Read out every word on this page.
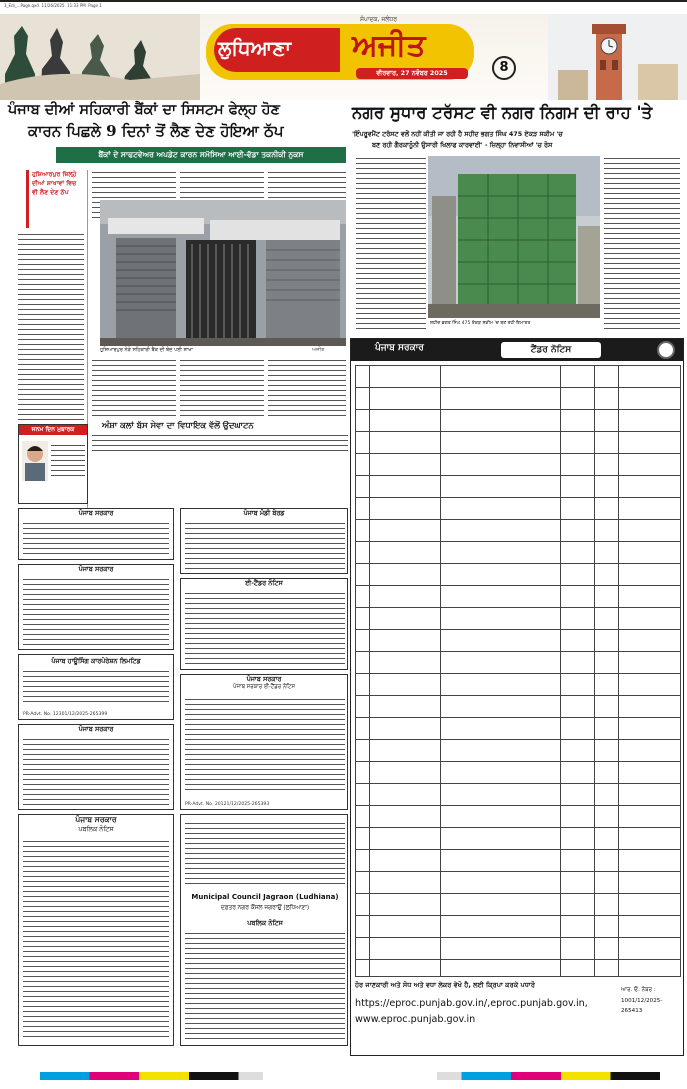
3_Edi_...Page.qxd  11/26/2025  11:33 PM  Page 1
ਲੁਧਿਆਣਾ ਅਜੀਤ
ਸੰਪਾਦਕ, ਜਲੰਧਰ
ਵੀਰਵਾਰ, 27 ਨਵੰਬਰ 2025	8
ਪੰਜਾਬ ਦੀਆਂ ਸਹਿਕਾਰੀ ਬੈਂਕਾਂ ਦਾ ਸਿਸਟਮ ਫੇਲ੍ਹ ਹੋਣ
ਕਾਰਨ ਪਿਛਲੇ 9 ਦਿਨਾਂ ਤੋਂ ਲੈਣ ਦੇਣ ਹੋਇਆ ਠੱਪ
ਬੈਂਕਾਂ ਦੇ ਸਾਫਟਵੇਅਰ ਅਪਡੇਟ ਕਾਰਨ ਸਮੱਸਿਆ ਆਈ-ਵੱਡਾ ਤਕਨੀਕੀ ਨੁਕਸ
ਹੁਸ਼ਿਆਰਪੁਰ ਜ਼ਿਲ੍ਹੇ ਦੀਆਂ ਸ਼ਾਖਾਵਾਂ ਵਿਚ ਵੀ ਲੈਣ ਦੇਣ ਠੱਪ
ਹੁਸ਼ਿਆਰਪੁਰ ਨੇੜੇ ਸਹਿਕਾਰੀ ਬੈਂਕ ਦੀ ਬੰਦ ਪਈ ਸ਼ਾਖਾ	ਅਜੀਤ
ਅੰਸ਼ਾ ਕਲਾਂ ਬੱਸ ਸੇਵਾ ਦਾ ਵਿਧਾਇਕ ਵੱਲੋਂ ਉਦਘਾਟਨ
ਜਨਮ ਦਿਨ ਮੁਬਾਰਕ
ਪੰਜਾਬ ਸਰਕਾਰ
ਪੰਜਾਬ ਸਰਕਾਰ
ਪੰਜਾਬ ਹਾਊਸਿੰਗ ਕਾਰਪੋਰੇਸ਼ਨ ਲਿਮਟਿਡ
PR-Advt. No. 12301/12/2025-265399
ਪੰਜਾਬ ਸਰਕਾਰ
ਪੰਜਾਬ ਸਰਕਾਰ
ਪਬਲਿਕ ਨੋਟਿਸ
ਪੰਜਾਬ ਮੰਡੀ ਬੋਰਡ
ਈ-ਟੈਂਡਰ ਨੋਟਿਸ
ਪੰਜਾਬ ਸਰਕਾਰ
ਪੰਜਾਬ ਸਰਕਾਰ ਈ-ਟੈਂਡਰ ਨੋਟਿਸ
PR-Advt. No. 20121/12/2025-265393
Municipal Council Jagraon (Ludhiana)
ਦਫ਼ਤਰ ਨਗਰ ਕੌਂਸਲ ਜਗਰਾਉਂ (ਲੁਧਿਆਣਾ)
ਪਬਲਿਕ ਨੋਟਿਸ
ਨਗਰ ਸੁਧਾਰ ਟਰੱਸਟ ਵੀ ਨਗਰ ਨਿਗਮ ਦੀ ਰਾਹ 'ਤੇ
'ਇੰਪਰੂਵਮੈਂਟ ਟਰੱਸਟ ਵਲੋਂ ਨਹੀਂ ਕੀਤੀ ਜਾ ਰਹੀ ਹੈ ਸਹੀਦ ਭਗਤ ਸਿੰਘ 475 ਏਕੜ ਸਕੀਮ 'ਚ
ਬਣ ਰਹੀ ਗੈਰਕਾਨੂੰਨੀ ਉਸਾਰੀ ਖਿਲਾਫ ਕਾਰਵਾਈ' - ਜ਼ਿਲ੍ਹਾ ਨਿਵਾਸੀਆਂ 'ਚ ਰੋਸ
ਸ਼ਹੀਦ ਭਗਤ ਸਿੰਘ 475 ਏਕੜ ਸਕੀਮ 'ਚ ਬਣ ਰਹੀ ਇਮਾਰਤ
ਪੰਜਾਬ ਸਰਕਾਰ	ਟੈਂਡਰ ਨੋਟਿਸ
ਹੋਰ ਜਾਣਕਾਰੀ ਅਤੇ ਸੋਧ ਅਤੇ ਵਧਾ ਲੇਕਰ ਵੇਖੋ ਹੈ, ਲਈ ਕ੍ਰਿਪਾ ਕਰਕੇ ਪਧਾਰੋ
https://eproc.punjab.gov.in/,eproc.punjab.gov.in,
www.eproc.punjab.gov.in
ਆਰ. ਓ. ਨੰਬਰ :
1001/12/2025-
265413
